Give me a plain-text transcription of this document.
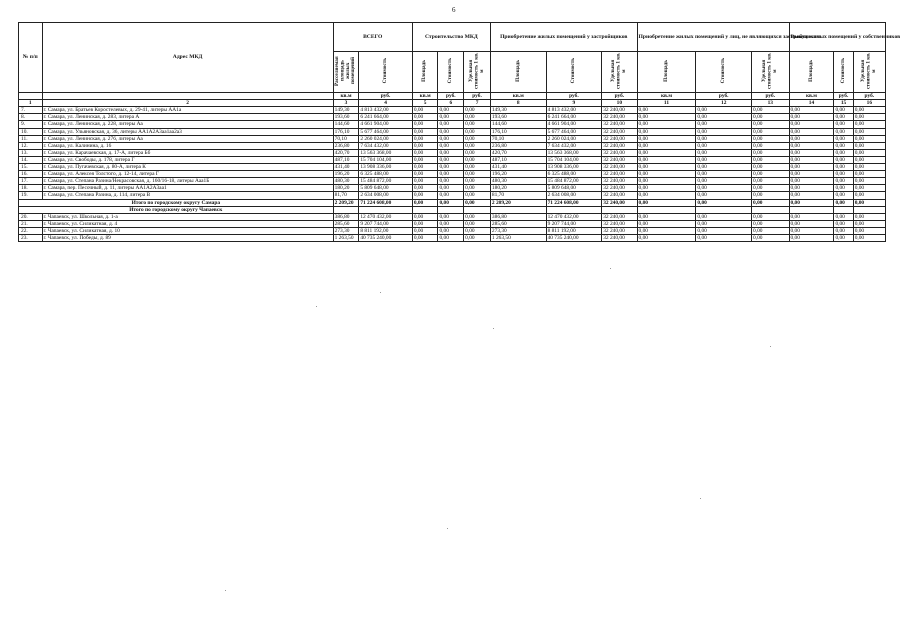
6
№ п/п	Адрес МКД	ВСЕГО		Строительство МКД			Приобретение жилых помещений у застройщиков			Приобретение жилых помещений у лиц, не являющихся застройщиком			Выкуп жилых помещений у собственников		
		Расселяемая площадь жилых помещений	Стоимость	Площадь	Стоимость	Удельная стоимость 1 кв. м	Площадь	Стоимость	Удельная стоимость 1 кв. м	Площадь	Стоимость	Удельная стоимость 1 кв. м	Площадь	Стоимость	Удельная стоимость 1 кв. м
		кв.м	руб.	кв.м	руб.	руб.	кв.м	руб.	руб.	кв.м	руб.	руб.	кв.м	руб.	руб.
1	2	3	4	5	6	7	8	9	10	11	12	13	14	15	16
7.	г. Самара, ул. Братьев Коростелевых, д. 29-41, литеры АА1а	149,30	4 813 432,00	0,00	0,00	0,00	149,30	4 813 432,00	32 240,00	0,00	0,00	0,00	0,00	0,00	0,00
8.	г. Самара, ул. Ленинская, д. 283, литера А	193,60	6 241 664,00	0,00	0,00	0,00	193,60	6 241 664,00	32 240,00	0,00	0,00	0,00	0,00	0,00	0,00
9.	г. Самара, ул. Ленинская, д. 228, литеры Аа	144,60	4 661 904,00	0,00	0,00	0,00	144,60	4 661 904,00	32 240,00	0,00	0,00	0,00	0,00	0,00	0,00
10.	г. Самара, ул. Ульяновская, д. 36, литеры АА1А2А3аа1аа2а3	176,10	5 677 464,00	0,00	0,00	0,00	176,10	5 677 464,00	32 240,00	0,00	0,00	0,00	0,00	0,00	0,00
11.	г. Самара, ул. Ленинская, д. 276, литеры Аа	70,10	2 260 024,00	0,00	0,00	0,00	70,10	2 260 024,00	32 240,00	0,00	0,00	0,00	0,00	0,00	0,00
12.	г. Самара, ул. Калинина, д. 16	236,80	7 634 432,00	0,00	0,00	0,00	236,80	7 634 432,00	32 240,00	0,00	0,00	0,00	0,00	0,00	0,00
13.	г. Самара, ул. Карачаевская, д. 17-А, литера Бб	420,70	13 563 368,00	0,00	0,00	0,00	420,70	13 563 368,00	32 240,00	0,00	0,00	0,00	0,00	0,00	0,00
14.	г. Самара, ул. Свободы, д. 178, литера Г	487,10	15 704 104,00	0,00	0,00	0,00	487,10	15 704 104,00	32 240,00	0,00	0,00	0,00	0,00	0,00	0,00
15.	г. Самара, ул. Пугачевская, д. 80-А, литера К	431,40	13 908 336,00	0,00	0,00	0,00	431,40	13 908 336,00	32 240,00	0,00	0,00	0,00	0,00	0,00	0,00
16.	г. Самара, ул. Алексея Толстого, д. 12-14, литера Г	196,20	6 325 488,00	0,00	0,00	0,00	196,20	6 325 488,00	32 240,00	0,00	0,00	0,00	0,00	0,00	0,00
17.	г. Самара, ул. Степана Разина/Некрасовская, д. 160/16-18, литеры Ааа1Б	480,30	15 484 872,00	0,00	0,00	0,00	480,30	15 484 872,00	32 240,00	0,00	0,00	0,00	0,00	0,00	0,00
18.	г. Самара, пер. Песочный, д. 11, литеры АА1А2А3аа1	180,20	5 809 648,00	0,00	0,00	0,00	180,20	5 809 648,00	32 240,00	0,00	0,00	0,00	0,00	0,00	0,00
19.	г. Самара, ул. Степана Разина, д. 114, литера В	81,70	2 634 008,00	0,00	0,00	0,00	81,70	2 634 008,00	32 240,00	0,00	0,00	0,00	0,00	0,00	0,00
Итого по городскому округу Самара		2 209,20	71 224 608,00	0,00	0,00	0,00	2 209,20	71 224 608,00	32 240,00	0,00	0,00	0,00	0,00	0,00	0,00
Итого по городскому округу Чапаевск															
20.	г. Чапаевск, ул. Школьная, д. 1-а	386,80	12 470 432,00	0,00	0,00	0,00	386,80	12 470 432,00	32 240,00	0,00	0,00	0,00	0,00	0,00	0,00
21.	г. Чапаевск, ул. Силикатная, д. 4	285,60	9 207 744,00	0,00	0,00	0,00	285,60	9 207 744,00	32 240,00	0,00	0,00	0,00	0,00	0,00	0,00
22.	г. Чапаевск, ул. Силикатная, д. 10	273,30	8 811 192,00	0,00	0,00	0,00	273,30	8 811 192,00	32 240,00	0,00	0,00	0,00	0,00	0,00	0,00
23.	г. Чапаевск, ул. Победы, д. 89	1 263,50	40 735 240,00	0,00	0,00	0,00	1 263,50	40 735 240,00	32 240,00	0,00	0,00	0,00	0,00	0,00	0,00
